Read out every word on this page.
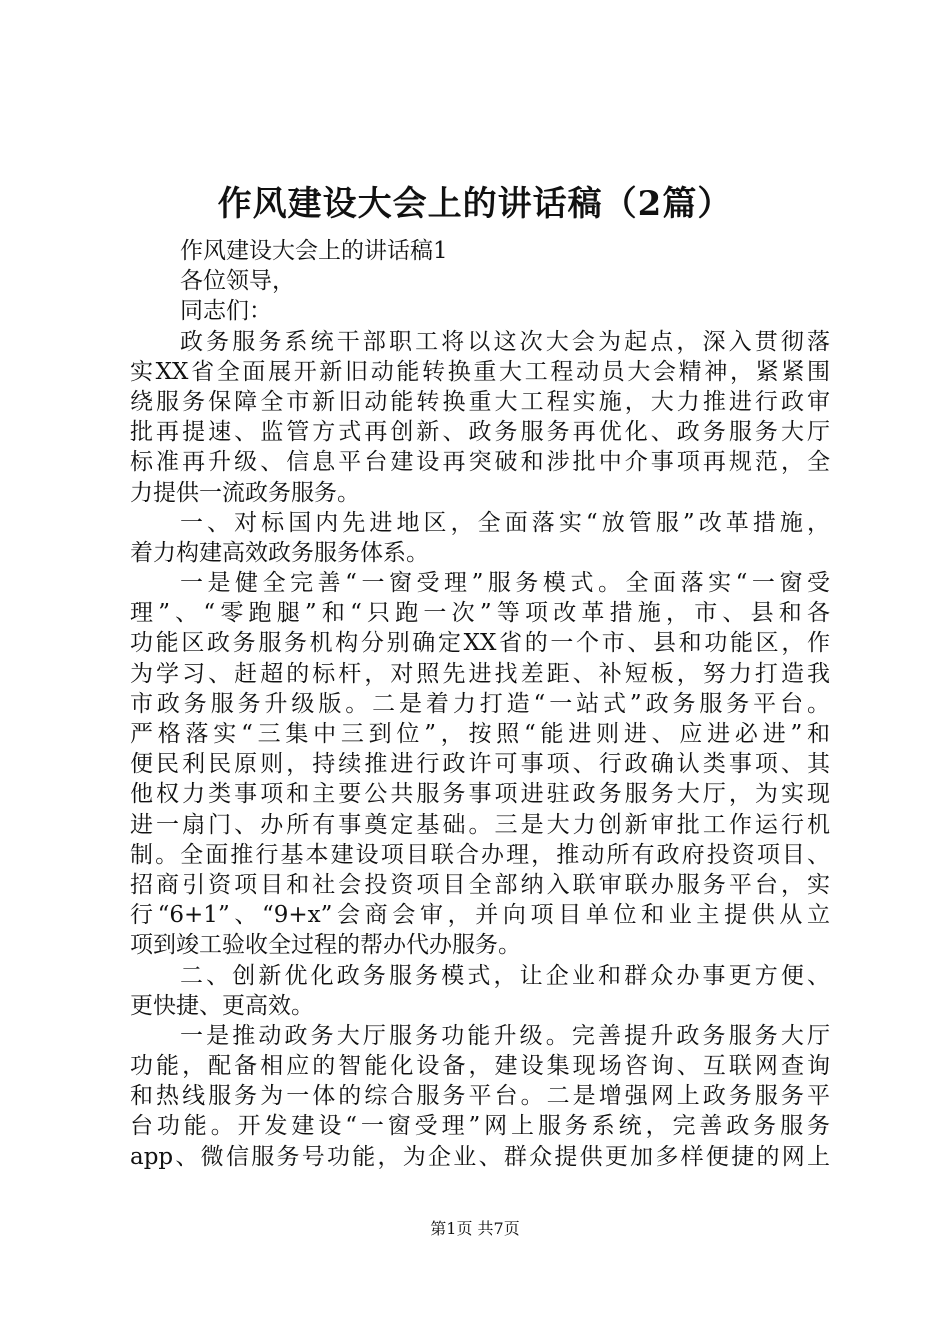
作风建设大会上的讲话稿（2篇）
作风建设大会上的讲话稿1
各位领导，
同志们：
政务服务系统干部职工将以这次大会为起点，深入贯彻落
实XX省全面展开新旧动能转换重大工程动员大会精神，紧紧围
绕服务保障全市新旧动能转换重大工程实施，大力推进行政审
批再提速、监管方式再创新、政务服务再优化、政务服务大厅
标准再升级、信息平台建设再突破和涉批中介事项再规范，全
力提供一流政务服务。
一、对标国内先进地区，全面落实“放管服”改革措施，
着力构建高效政务服务体系。
一是健全完善“一窗受理”服务模式。全面落实“一窗受
理”、“零跑腿”和“只跑一次”等项改革措施，市、县和各
功能区政务服务机构分别确定XX省的一个市、县和功能区，作
为学习、赶超的标杆，对照先进找差距、补短板，努力打造我
市政务服务升级版。二是着力打造“一站式”政务服务平台。
严格落实“三集中三到位”，按照“能进则进、应进必进”和
便民利民原则，持续推进行政许可事项、行政确认类事项、其
他权力类事项和主要公共服务事项进驻政务服务大厅，为实现
进一扇门、办所有事奠定基础。三是大力创新审批工作运行机
制。全面推行基本建设项目联合办理，推动所有政府投资项目、
招商引资项目和社会投资项目全部纳入联审联办服务平台，实
行“6+1”、“9+x”会商会审，并向项目单位和业主提供从立
项到竣工验收全过程的帮办代办服务。
二、创新优化政务服务模式，让企业和群众办事更方便、
更快捷、更高效。
一是推动政务大厅服务功能升级。完善提升政务服务大厅
功能，配备相应的智能化设备，建设集现场咨询、互联网查询
和热线服务为一体的综合服务平台。二是增强网上政务服务平
台功能。开发建设“一窗受理”网上服务系统，完善政务服务
app、微信服务号功能，为企业、群众提供更加多样便捷的网上
第1页 共7页
